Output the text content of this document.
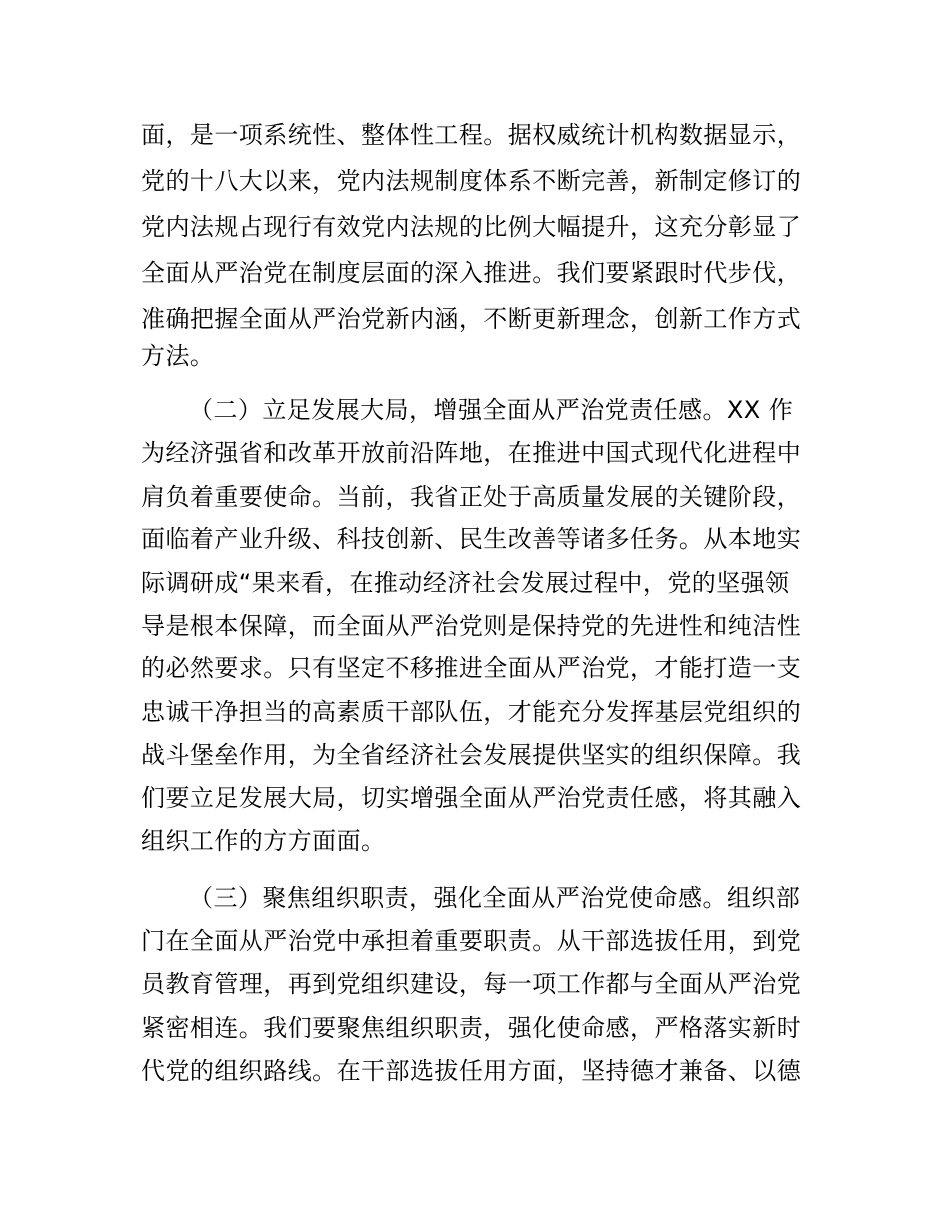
面，是一项系统性、整体性工程。据权威统计机构数据显示，
党的十八大以来，党内法规制度体系不断完善，新制定修订的
党内法规占现行有效党内法规的比例大幅提升，这充分彰显了
全面从严治党在制度层面的深入推进。我们要紧跟时代步伐，
准确把握全面从严治党新内涵，不断更新理念，创新工作方式
方法。
（二）立足发展大局，增强全面从严治党责任感。XX 作
为经济强省和改革开放前沿阵地，在推进中国式现代化进程中
肩负着重要使命。当前，我省正处于高质量发展的关键阶段，
面临着产业升级、科技创新、民生改善等诸多任务。从本地实
际调研成“果来看，在推动经济社会发展过程中，党的坚强领
导是根本保障，而全面从严治党则是保持党的先进性和纯洁性
的必然要求。只有坚定不移推进全面从严治党，才能打造一支
忠诚干净担当的高素质干部队伍，才能充分发挥基层党组织的
战斗堡垒作用，为全省经济社会发展提供坚实的组织保障。我
们要立足发展大局，切实增强全面从严治党责任感，将其融入
组织工作的方方面面。
（三）聚焦组织职责，强化全面从严治党使命感。组织部
门在全面从严治党中承担着重要职责。从干部选拔任用，到党
员教育管理，再到党组织建设，每一项工作都与全面从严治党
紧密相连。我们要聚焦组织职责，强化使命感，严格落实新时
代党的组织路线。在干部选拔任用方面，坚持德才兼备、以德
